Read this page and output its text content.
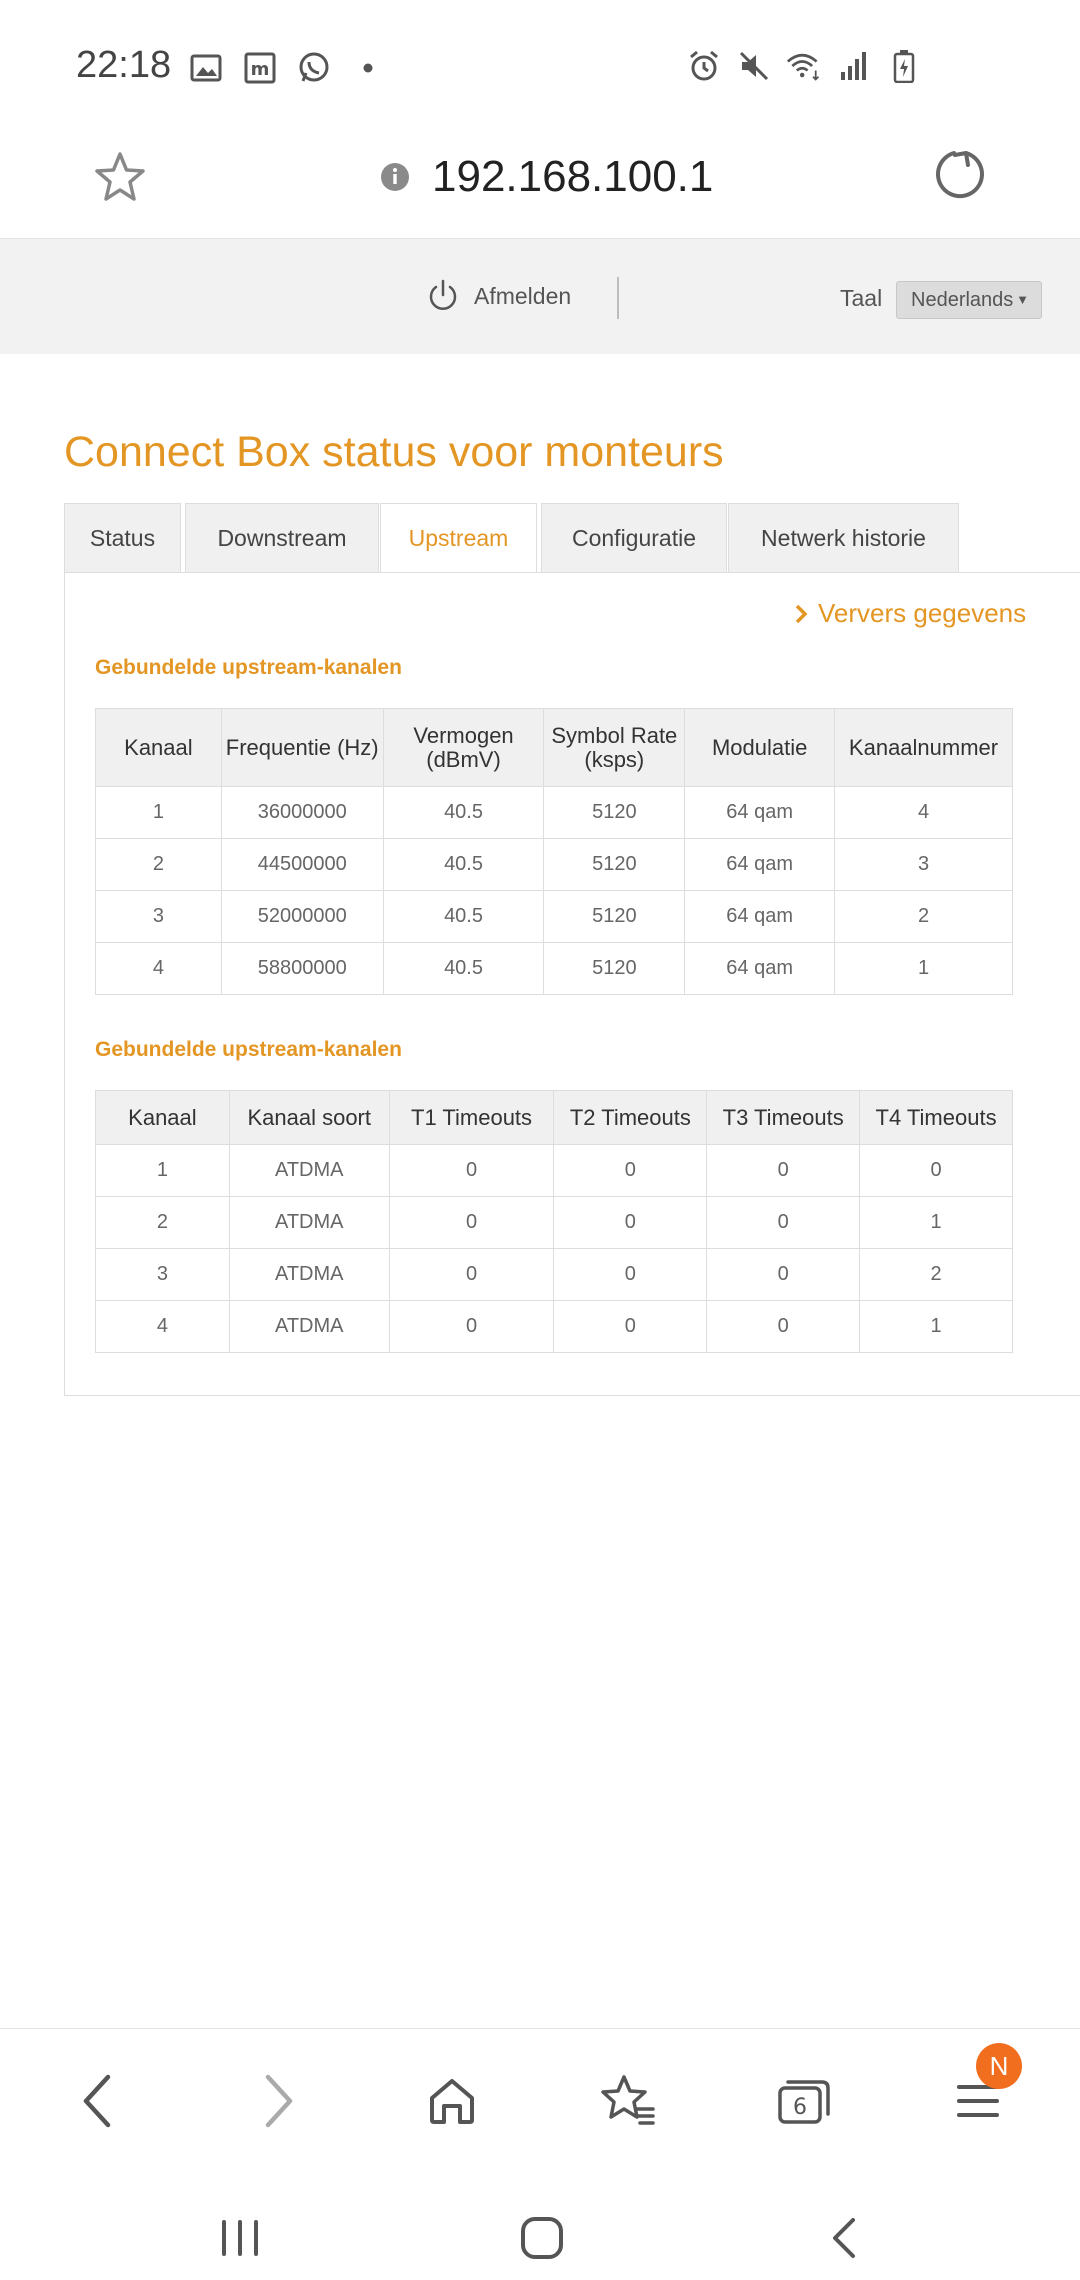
22:18	m
192.168.100.1
Afmelden	Taal Nederlands ▼
Connect Box status voor monteurs
Status	Downstream	Upstream	Configuratie	Netwerk historie
Ververs gegevens
Gebundelde upstream-kanalen
Kanaal	Frequentie (Hz)	Vermogen (dBmV)	Symbol Rate (ksps)	Modulatie	Kanaalnummer
1	36000000	40.5	5120	64 qam	4
2	44500000	40.5	5120	64 qam	3
3	52000000	40.5	5120	64 qam	2
4	58800000	40.5	5120	64 qam	1
Gebundelde upstream-kanalen
Kanaal	Kanaal soort	T1 Timeouts	T2 Timeouts	T3 Timeouts	T4 Timeouts
1	ATDMA	0	0	0	0
2	ATDMA	0	0	0	1
3	ATDMA	0	0	0	2
4	ATDMA	0	0	0	1
6
N
